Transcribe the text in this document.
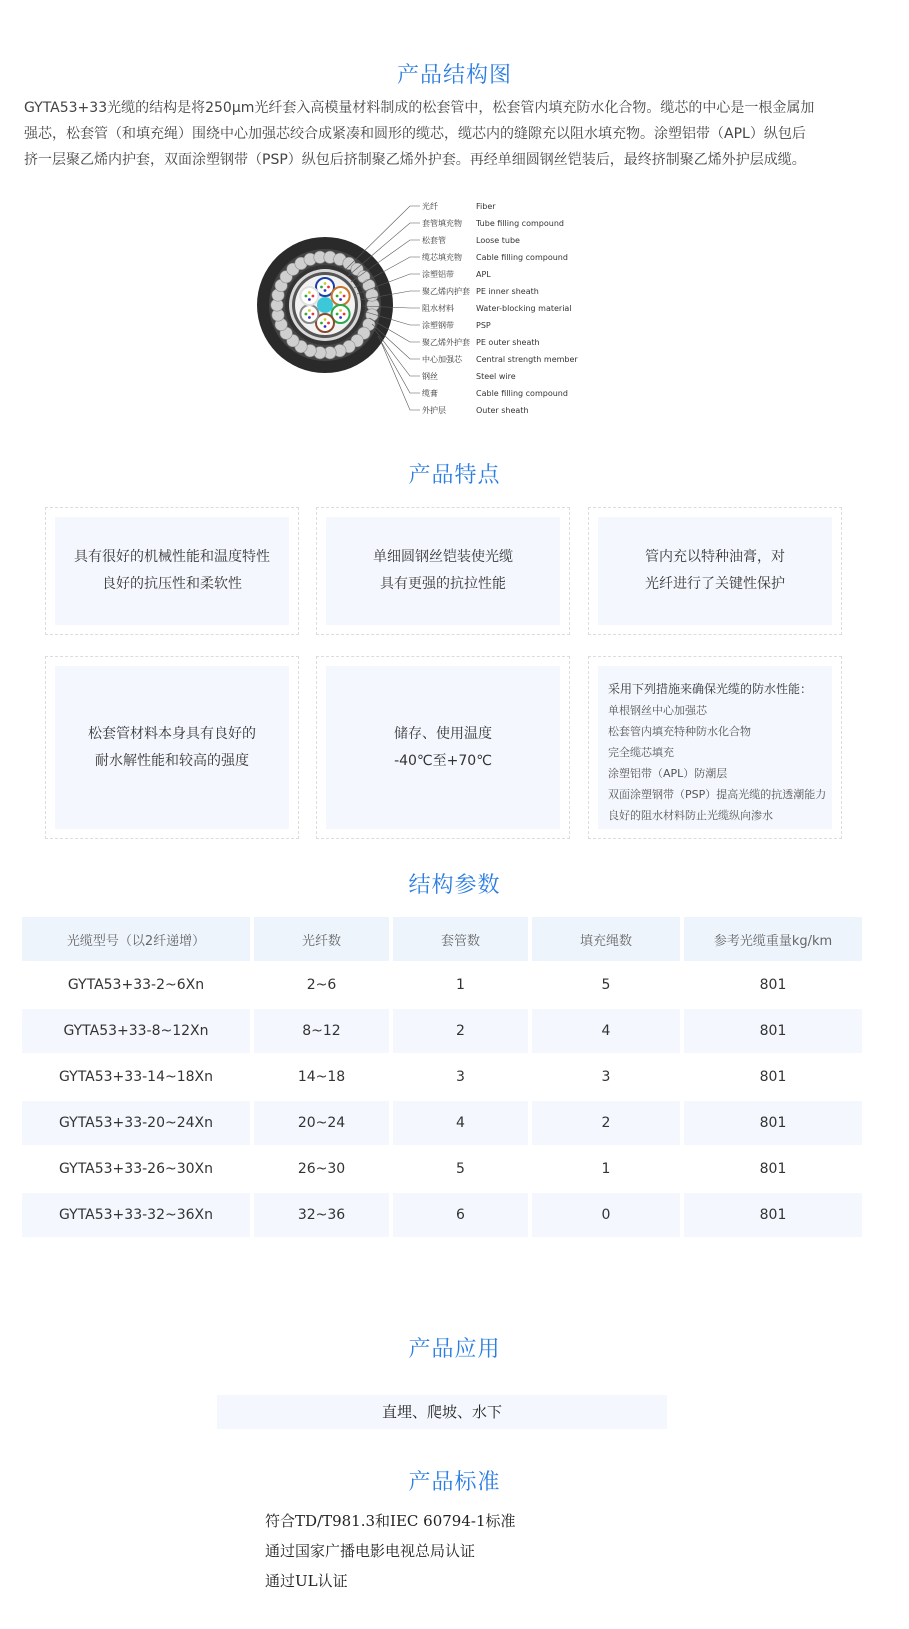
产品结构图
GYTA53+33光缆的结构是将250μm光纤套入高模量材料制成的松套管中，松套管内填充防水化合物。缆芯的中心是一根金属加
强芯，松套管（和填充绳）围绕中心加强芯绞合成紧凑和圆形的缆芯，缆芯内的缝隙充以阻水填充物。涂塑铝带（APL）纵包后
挤一层聚乙烯内护套，双面涂塑钢带（PSP）纵包后挤制聚乙烯外护套。再经单细圆钢丝铠装后，最终挤制聚乙烯外护层成缆。
光纤	Fiber
套管填充物 Tube filling compound
松套管	Loose tube
缆芯填充物 Cable filling compound
涂塑铝带	APL
聚乙烯内护套 PE inner sheath
阻水材料	Water-blocking material
涂塑钢带	PSP
聚乙烯外护套 PE outer sheath
中心加强芯 Central strength member
钢丝	Steel wire
缆膏	Cable filling compound
外护层	Outer sheath
产品特点
具有很好的机械性能和温度特性
良好的抗压性和柔软性
单细圆钢丝铠装使光缆
具有更强的抗拉性能
管内充以特种油膏，对
光纤进行了关键性保护
松套管材料本身具有良好的
耐水解性能和较高的强度
储存、使用温度
-40℃至+70℃
采用下列措施来确保光缆的防水性能：
单根钢丝中心加强芯
松套管内填充特种防水化合物
完全缆芯填充
涂塑铝带（APL）防潮层
双面涂塑钢带（PSP）提高光缆的抗透潮能力
良好的阻水材料防止光缆纵向渗水
结构参数
光缆型号（以2纤递增）	光纤数	套管数	填充绳数	参考光缆重量kg/km
GYTA53+33-2~6Xn	2~6	1	5	801
GYTA53+33-8~12Xn	8~12	2	4	801
GYTA53+33-14~18Xn	14~18	3	3	801
GYTA53+33-20~24Xn	20~24	4	2	801
GYTA53+33-26~30Xn	26~30	5	1	801
GYTA53+33-32~36Xn	32~36	6	0	801
产品应用
直埋、爬坡、水下
产品标准
符合TD/T981.3和IEC 60794-1标准
通过国家广播电影电视总局认证
通过UL认证
